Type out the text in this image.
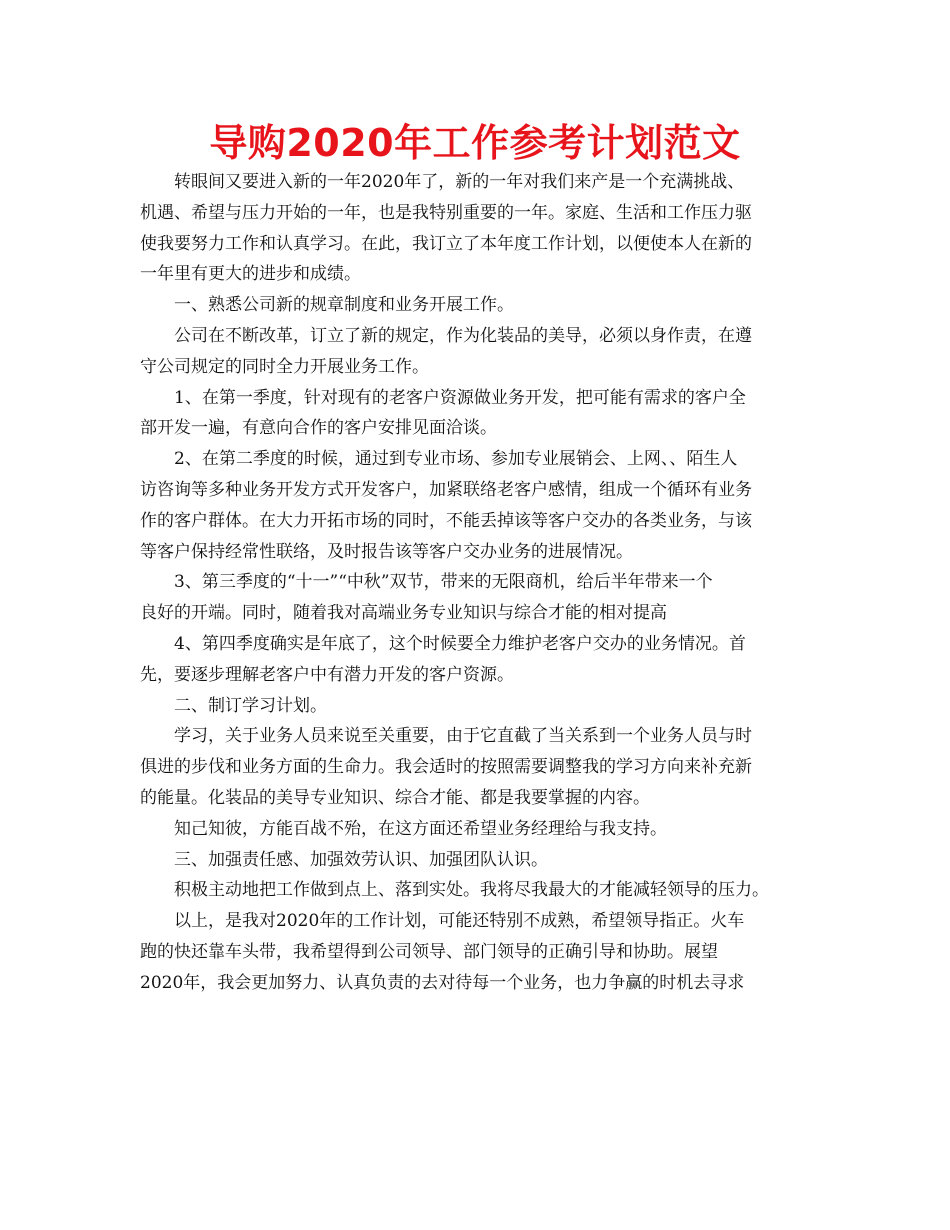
导购2020年工作参考计划范文
转眼间又要进入新的一年2020年了，新的一年对我们来产是一个充满挑战、
机遇、希望与压力开始的一年，也是我特别重要的一年。家庭、生活和工作压力驱
使我要努力工作和认真学习。在此，我订立了本年度工作计划，以便使本人在新的
一年里有更大的进步和成绩。
一、熟悉公司新的规章制度和业务开展工作。
公司在不断改革，订立了新的规定，作为化装品的美导，必须以身作责，在遵
守公司规定的同时全力开展业务工作。
1、在第一季度，针对现有的老客户资源做业务开发，把可能有需求的客户全
部开发一遍，有意向合作的客户安排见面洽谈。
2、在第二季度的时候，通过到专业市场、参加专业展销会、上网、、陌生人
访咨询等多种业务开发方式开发客户，加紧联络老客户感情，组成一个循环有业务
作的客户群体。在大力开拓市场的同时，不能丢掉该等客户交办的各类业务，与该
等客户保持经常性联络，及时报告该等客户交办业务的进展情况。
3、第三季度的“十一”“中秋”双节，带来的无限商机，给后半年带来一个
良好的开端。同时，随着我对高端业务专业知识与综合才能的相对提高
4、第四季度确实是年底了，这个时候要全力维护老客户交办的业务情况。首
先，要逐步理解老客户中有潜力开发的客户资源。
二、制订学习计划。
学习，关于业务人员来说至关重要，由于它直截了当关系到一个业务人员与时
俱进的步伐和业务方面的生命力。我会适时的按照需要调整我的学习方向来补充新
的能量。化装品的美导专业知识、综合才能、都是我要掌握的内容。
知己知彼，方能百战不殆，在这方面还希望业务经理给与我支持。
三、加强责任感、加强效劳认识、加强团队认识。
积极主动地把工作做到点上、落到实处。我将尽我最大的才能减轻领导的压力。
以上，是我对2020年的工作计划，可能还特别不成熟，希望领导指正。火车
跑的快还靠车头带，我希望得到公司领导、部门领导的正确引导和协助。展望
2020年，我会更加努力、认真负责的去对待每一个业务，也力争赢的时机去寻求
